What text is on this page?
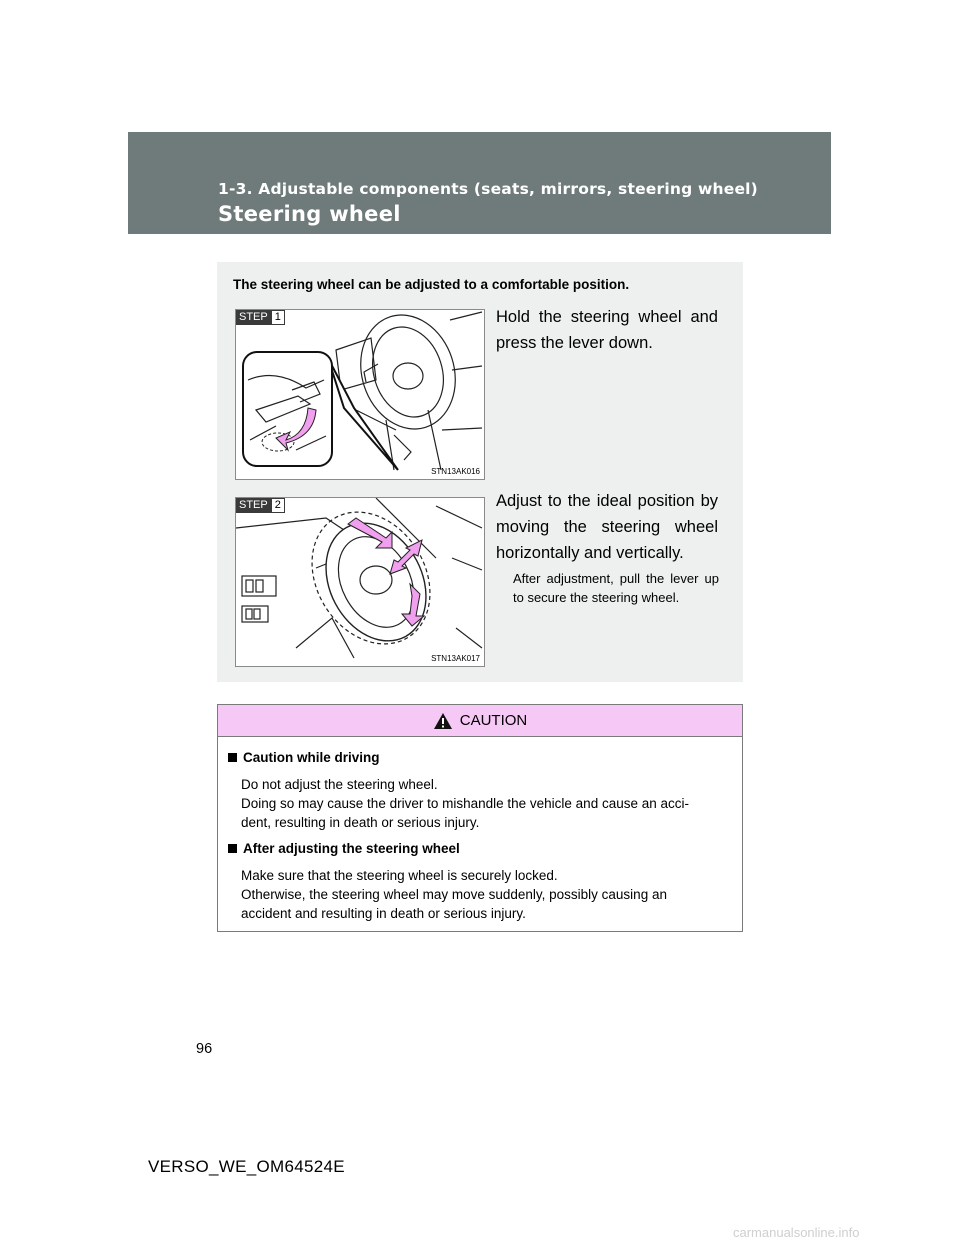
1-3. Adjustable components (seats, mirrors, steering wheel)
Steering wheel
The steering wheel can be adjusted to a comfortable position.
STEP 1
STN13AK016
Hold the steering wheel and press the lever down.
STEP 2
STN13AK017
Adjust to the ideal position by moving the steering wheel horizontally and vertically.
After adjustment, pull the lever up to secure the steering wheel.
CAUTION
Caution while driving
Do not adjust the steering wheel.
Doing so may cause the driver to mishandle the vehicle and cause an acci-
dent, resulting in death or serious injury.
After adjusting the steering wheel
Make sure that the steering wheel is securely locked.
Otherwise, the steering wheel may move suddenly, possibly causing an
accident and resulting in death or serious injury.
96
VERSO_WE_OM64524E
carmanualsonline.info
